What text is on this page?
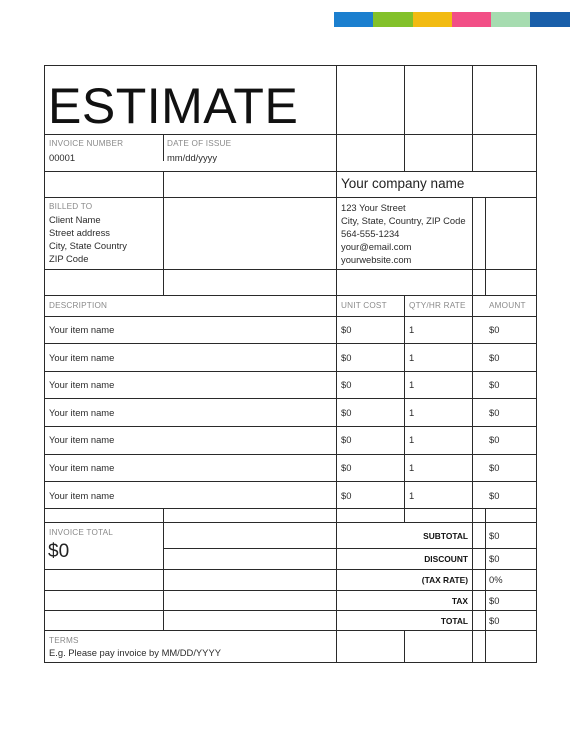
ESTIMATE
INVOICE NUMBER
00001
DATE OF ISSUE
mm/dd/yyyy
Your company name
BILLED TO
Client Name
Street address
City, State Country
ZIP Code
123 Your Street
City, State, Country, ZIP Code
564-555-1234
your@email.com
yourwebsite.com
DESCRIPTION	UNIT COST	QTY/HR RATE	AMOUNT
Your item name	$0	1	$0
Your item name	$0	1	$0
Your item name	$0	1	$0
Your item name	$0	1	$0
Your item name	$0	1	$0
Your item name	$0	1	$0
Your item name	$0	1	$0
INVOICE TOTAL
$0
SUBTOTAL $0
DISCOUNT $0
(TAX RATE) 0%
TAX $0
TOTAL $0
TERMS
E.g. Please pay invoice by MM/DD/YYYY
